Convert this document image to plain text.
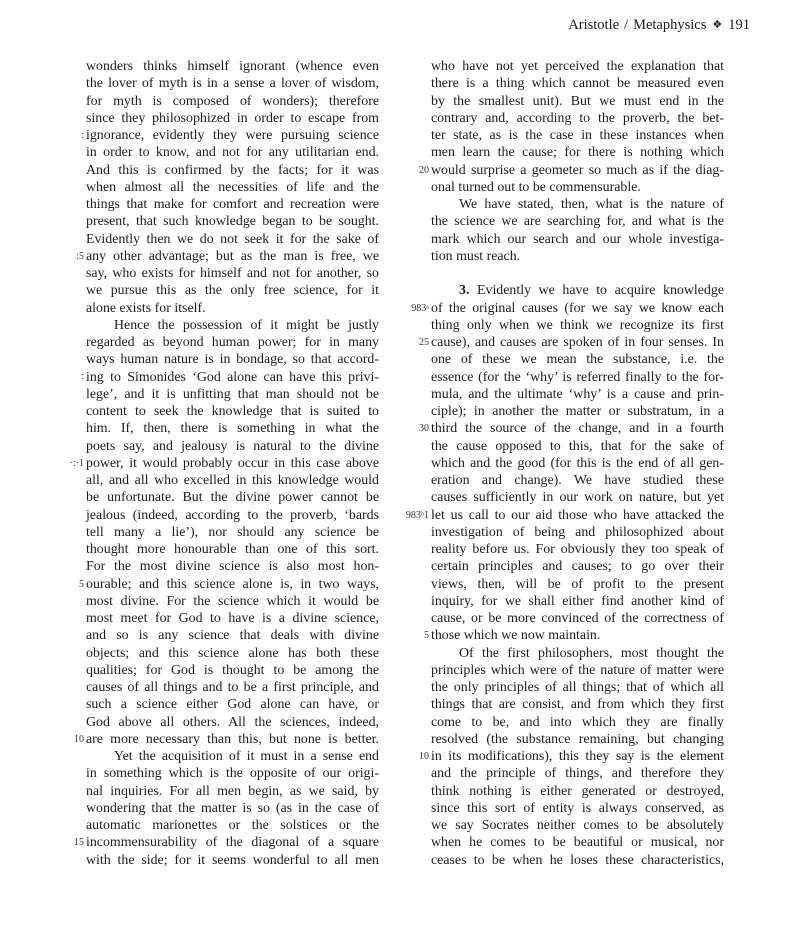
Aristotle / Metaphysics ❖ 191
wonders thinks himself ignorant (whence even
the lover of myth is in a sense a lover of wisdom,
for myth is composed of wonders); therefore
since they philosophized in order to escape from
: ignorance, evidently they were pursuing science
in order to know, and not for any utilitarian end.
And this is confirmed by the facts; for it was
when almost all the necessities of life and the
things that make for comfort and recreation were
present, that such knowledge began to be sought.
Evidently then we do not seek it for the sake of
:5 any other advantage; but as the man is free, we
say, who exists for himself and not for another, so
we pursue this as the only free science, for it
alone exists for itself.
Hence the possession of it might be justly
regarded as beyond human power; for in many
ways human nature is in bondage, so that accord-
∶ ing to Simonides ‘God alone can have this privi-
lege’, and it is unfitting that man should not be
content to seek the knowledge that is suited to
him. If, then, there is something in what the
poets say, and jealousy is natural to the divine
·:·1 power, it would probably occur in this case above
all, and all who excelled in this knowledge would
be unfortunate. But the divine power cannot be
jealous (indeed, according to the proverb, ‘bards
tell many a lie’), nor should any science be
thought more honourable than one of this sort.
For the most divine science is also most hon-
5 ourable; and this science alone is, in two ways,
most divine. For the science which it would be
most meet for God to have is a divine science,
and so is any science that deals with divine
objects; and this science alone has both these
qualities; for God is thought to be among the
causes of all things and to be a first principle, and
such a science either God alone can have, or
God above all others. All the sciences, indeed,
10 are more necessary than this, but none is better.
Yet the acquisition of it must in a sense end
in something which is the opposite of our origi-
nal inquiries. For all men begin, as we said, by
wondering that the matter is so (as in the case of
automatic marionettes or the solstices or the
15 incommensurability of the diagonal of a square
with the side; for it seems wonderful to all men
who have not yet perceived the explanation that
there is a thing which cannot be measured even
by the smallest unit). But we must end in the
contrary and, according to the proverb, the bet-
ter state, as is the case in these instances when
men learn the cause; for there is nothing which
20 would surprise a geometer so much as if the diag-
onal turned out to be commensurable.
We have stated, then, what is the nature of
the science we are searching for, and what is the
mark which our search and our whole investiga-
tion must reach.
3. Evidently we have to acquire knowledge
983ᵃ of the original causes (for we say we know each
thing only when we think we recognize its first
25 cause), and causes are spoken of in four senses. In
one of these we mean the substance, i.e. the
essence (for the ‘why’ is referred finally to the for-
mula, and the ultimate ‘why’ is a cause and prin-
ciple); in another the matter or substratum, in a
30 third the source of the change, and in a fourth
the cause opposed to this, that for the sake of
which and the good (for this is the end of all gen-
eration and change). We have studied these
causes sufficiently in our work on nature, but yet
983ᵇ1 let us call to our aid those who have attacked the
investigation of being and philosophized about
reality before us. For obviously they too speak of
certain principles and causes; to go over their
views, then, will be of profit to the present
inquiry, for we shall either find another kind of
cause, or be more convinced of the correctness of
5 those which we now maintain.
Of the first philosophers, most thought the
principles which were of the nature of matter were
the only principles of all things; that of which all
things that are consist, and from which they first
come to be, and into which they are finally
resolved (the substance remaining, but changing
10 in its modifications), this they say is the element
and the principle of things, and therefore they
think nothing is either generated or destroyed,
since this sort of entity is always conserved, as
we say Socrates neither comes to be absolutely
when he comes to be beautiful or musical, nor
ceases to be when he loses these characteristics,
